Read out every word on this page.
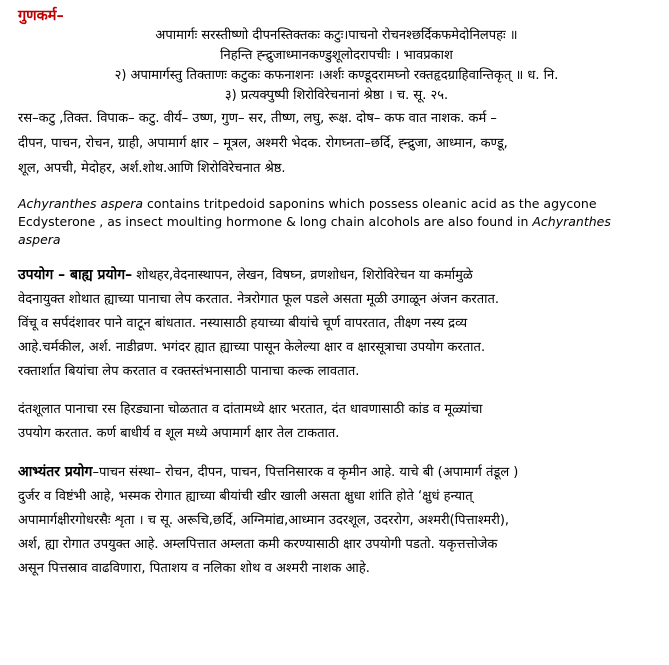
गुणकर्म–

अपामार्गः सरस्तीष्णो दीपनस्तिक्तकः कटुः।पाचनो रोचनश्छर्दिकफमेदोनिलपहः ॥
निहन्ति ह्न्द्रुजाध्मानकण्डुशूलोदरापचीः । भावप्रकाश
२) अपामार्गस्तु तिक्ताणः कटुकः कफनाशनः ।अर्शः कण्डूदरामघ्नो रक्तहृदग्राहिवान्तिकृत् ॥ ध. नि.
३) प्रत्यक्पुष्पी शिरोविरेचनानां श्रेष्ठा । च. सू. २५.
रस–कटु ,तिक्त. विपाक– कटु. वीर्य– उष्ण, गुण– सर, तीष्ण, लघु, रूक्ष. दोष– कफ वात नाशक. कर्म –
दीपन, पाचन, रोचन, ग्राही, अपामार्ग क्षार – मूत्रल, अश्मरी भेदक. रोगघ्नता–छर्दि, ह्न्द्रुजा, आध्मान, कण्डू,
शूल, अपची, मेदोहर, अर्श.शोथ.आणि शिरोविरेचनात श्रेष्ठ.

Achyranthes aspera contains tritpedoid saponins which possess oleanic acid as the agycone Ecdysterone , as insect moulting hormone & long chain alcohols are also found in Achyranthes aspera

उपयोग – बाह्य प्रयोग– शोथहर,वेदनास्थापन, लेखन, विषघ्न, व्रणशोधन, शिरोविरेचन या कर्मामुळे
वेदनायुक्त शोथात ह्याच्या पानाचा लेप करतात. नेत्ररोगात फूल पडले असता मूळी उगाळून अंजन करतात.
विंचू व सर्पदंशावर पाने वाटून बांधतात. नस्यासाठी हयाच्या बीयांचे चूर्ण वापरतात, तीक्ष्ण नस्य द्रव्य
आहे.चर्मकील, अर्श. नाडीव्रण. भगंदर ह्यात ह्याच्या पासून केलेल्या क्षार व क्षारसूत्राचा उपयोग करतात.
रक्तार्शात बियांचा लेप करतात व रक्तस्तंभनासाठी पानाचा कल्क लावतात.
दंतशूलात पानाचा रस हिरड्याना चोळतात व दांतामध्ये क्षार भरतात, दंत धावणासाठी कांड व मूळ्यांचा
उपयोग करतात. कर्ण बाधीर्य व शूल मध्ये अपामार्ग क्षार तेल टाकतात.
आभ्यंतर प्रयोग–पाचन संस्था– रोचन, दीपन, पाचन, पित्तनिसारक व कृमीन आहे. याचे बी (अपामार्ग तंडूल )
दुर्जर व विष्टंभी आहे, भस्मक रोगात ह्याच्या बीयांची खीर खाली असता क्षुधा शांति होते ‘क्षुधं हन्यात्
अपामार्गक्षीरगोधरसैः शृता । च सू. अरूचि,छर्दि, अग्निमांद्य,आध्मान उदरशूल, उदररोग, अश्मरी(पित्ताश्मरी),
अर्श, ह्या रोगात उपयुक्त आहे. अम्लपित्तात अम्लता कमी करण्यासाठी क्षार उपयोगी पडतो. यकृत्तत्तोजेक
असून पित्तस्राव वाढविणारा, पिताशय व नलिका शोथ व अश्मरी नाशक आहे.
